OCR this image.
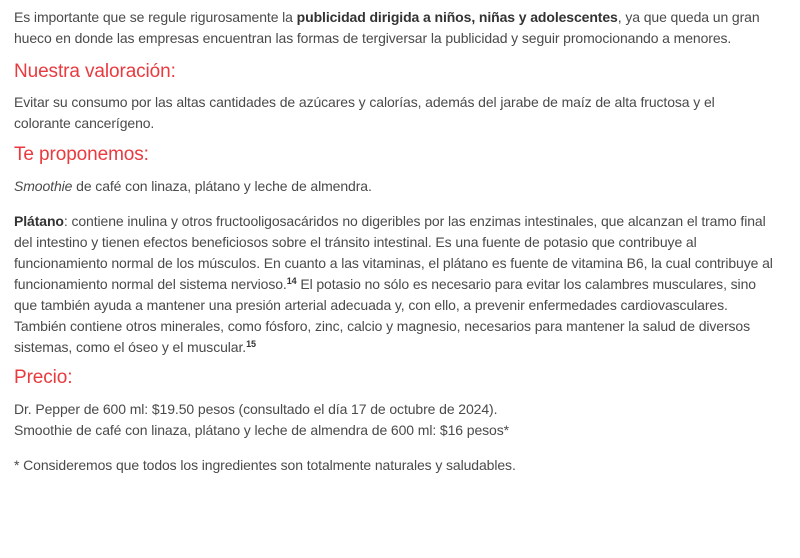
Es importante que se regule rigurosamente la publicidad dirigida a niños, niñas y adolescentes, ya que queda un gran hueco en donde las empresas encuentran las formas de tergiversar la publicidad y seguir promocionando a menores.

Nuestra valoración:

Evitar su consumo por las altas cantidades de azúcares y calorías, además del jarabe de maíz de alta fructosa y el colorante cancerígeno.

Te proponemos:

Smoothie de café con linaza, plátano y leche de almendra.

Plátano: contiene inulina y otros fructooligosacáridos no digeribles por las enzimas intestinales, que alcanzan el tramo final del intestino y tienen efectos beneficiosos sobre el tránsito intestinal. Es una fuente de potasio que contribuye al funcionamiento normal de los músculos. En cuanto a las vitaminas, el plátano es fuente de vitamina B6, la cual contribuye al funcionamiento normal del sistema nervioso.$^{14}$ El potasio no sólo es necesario para evitar los calambres musculares, sino que también ayuda a mantener una presión arterial adecuada y, con ello, a prevenir enfermedades cardiovasculares. También contiene otros minerales, como fósforo, zinc, calcio y magnesio, necesarios para mantener la salud de diversos sistemas, como el óseo y el muscular.$^{15}$

Precio:

Dr. Pepper de 600 ml: $19.50 pesos (consultado el día 17 de octubre de 2024).
Smoothie de café con linaza, plátano y leche de almendra de 600 ml: $16 pesos*

* Consideremos que todos los ingredientes son totalmente naturales y saludables.
